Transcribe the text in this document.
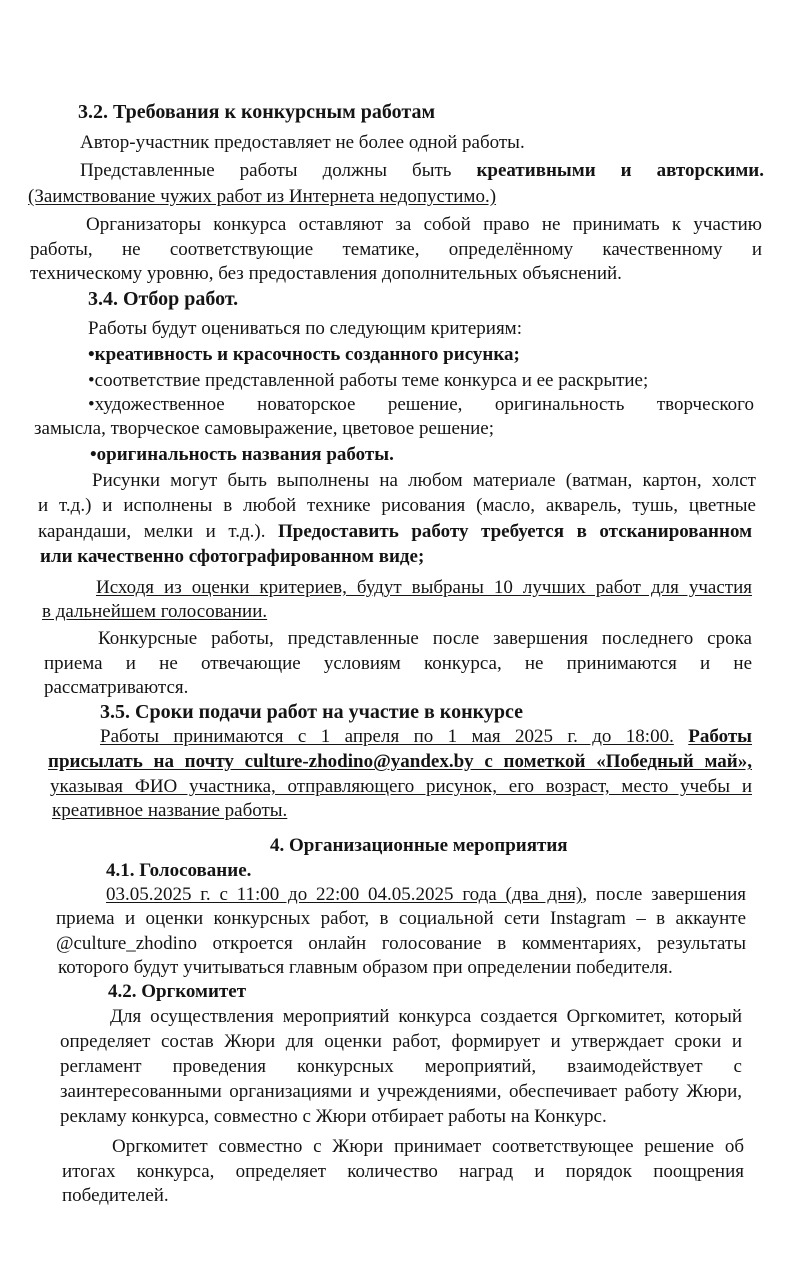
3.2. Требования к конкурсным работам

Автор-участник предоставляет не более одной работы.

Представленные работы должны быть креативными и авторскими.

(Заимствование чужих работ из Интернета недопустимо.)

Организаторы конкурса оставляют за собой право не принимать к участию

работы, не соответствующие тематике, определённому качественному и

техническому уровню, без предоставления дополнительных объяснений.

3.4. Отбор работ.

Работы будут оцениваться по следующим критериям:

•креативность и красочность созданного рисунка;

•соответствие представленной работы теме конкурса и ее раскрытие;

•художественное новаторское решение, оригинальность творческого

замысла, творческое самовыражение, цветовое решение;

•оригинальность названия работы.

Рисунки могут быть выполнены на любом материале (ватман, картон, холст

и т.д.) и исполнены в любой технике рисования (масло, акварель, тушь, цветные

карандаши, мелки и т.д.). Предоставить работу требуется в отсканированном

или качественно сфотографированном виде;

Исходя из оценки критериев, будут выбраны 10 лучших работ для участия

в дальнейшем голосовании.

Конкурсные работы, представленные после завершения последнего срока

приема и не отвечающие условиям конкурса, не принимаются и не

рассматриваются.

3.5. Сроки подачи работ на участие в конкурсе

Работы принимаются с 1 апреля по 1 мая 2025 г. до 18:00. Работы

присылать на почту culture-zhodino@yandex.by с пометкой «Победный май»,

указывая ФИО участника, отправляющего рисунок, его возраст, место учебы и

креативное название работы.

4. Организационные мероприятия

4.1. Голосование.

03.05.2025 г. с 11:00 до 22:00 04.05.2025 года (два дня), после завершения

приема и оценки конкурсных работ, в социальной сети Instagram – в аккаунте

@culture_zhodino откроется онлайн голосование в комментариях, результаты

которого будут учитываться главным образом при определении победителя.

4.2. Оргкомитет

Для осуществления мероприятий конкурса создается Оргкомитет, который

определяет состав Жюри для оценки работ, формирует и утверждает сроки и

регламент проведения конкурсных мероприятий, взаимодействует с

заинтересованными организациями и учреждениями, обеспечивает работу Жюри,

рекламу конкурса, совместно с Жюри отбирает работы на Конкурс.

Оргкомитет совместно с Жюри принимает соответствующее решение об

итогах конкурса, определяет количество наград и порядок поощрения

победителей.
